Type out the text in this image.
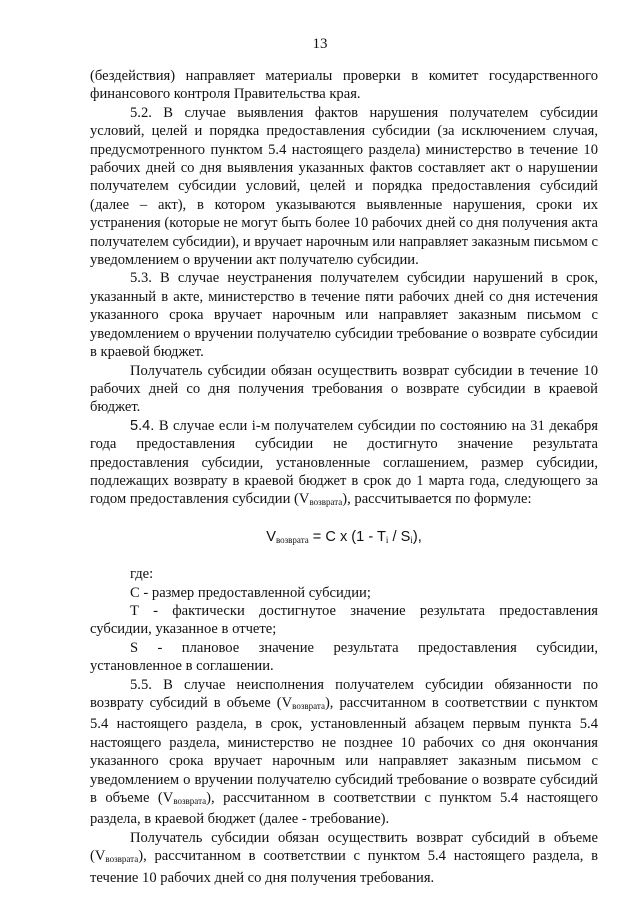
13

(бездействия) направляет материалы проверки в комитет государственного финансового контроля Правительства края.

5.2. В случае выявления фактов нарушения получателем субсидии условий, целей и порядка предоставления субсидии (за исключением случая, предусмотренного пунктом 5.4 настоящего раздела) министерство в течение 10 рабочих дней со дня выявления указанных фактов составляет акт о нарушении получателем субсидии условий, целей и порядка предоставления субсидий (далее – акт), в котором указываются выявленные нарушения, сроки их устранения (которые не могут быть более 10 рабочих дней со дня получения акта получателем субсидии), и вручает нарочным или направляет заказным письмом с уведомлением о вручении акт получателю субсидии.

5.3. В случае неустранения получателем субсидии нарушений в срок, указанный в акте, министерство в течение пяти рабочих дней со дня истечения указанного срока вручает нарочным или направляет заказным письмом с уведомлением о вручении получателю субсидии требование о возврате субсидии в краевой бюджет.

Получатель субсидии обязан осуществить возврат субсидии в течение 10 рабочих дней со дня получения требования о возврате субсидии в краевой бюджет.

5.4. В случае если i-м получателем субсидии по состоянию на 31 декабря года предоставления субсидии не достигнуто значение результата предоставления субсидии, установленные соглашением, размер субсидии, подлежащих возврату в краевой бюджет в срок до 1 марта года, следующего за годом предоставления субсидии $(V_{возврата})$, рассчитывается по формуле:

$V_{возврата} = C$ x $(1 - T_i / S_i)$,

где:

С - размер предоставленной субсидии;

Т - фактически достигнутое значение результата предоставления субсидии, указанное в отчете;

S - плановое значение результата предоставления субсидии, установленное в соглашении.

5.5. В случае неисполнения получателем субсидии обязанности по возврату субсидий в объеме $(V_{возврата})$, рассчитанном в соответствии с пунктом 5.4 настоящего раздела, в срок, установленный абзацем первым пункта 5.4 настоящего раздела, министерство не позднее 10 рабочих со дня окончания указанного срока вручает нарочным или направляет заказным письмом с уведомлением о вручении получателю субсидий требование о возврате субсидий в объеме $(V_{возврата})$, рассчитанном в соответствии с пунктом 5.4 настоящего раздела, в краевой бюджет (далее - требование).

Получатель субсидии обязан осуществить возврат субсидий в объеме $(V_{возврата})$, рассчитанном в соответствии с пунктом 5.4 настоящего раздела, в течение 10 рабочих дней со дня получения требования.
